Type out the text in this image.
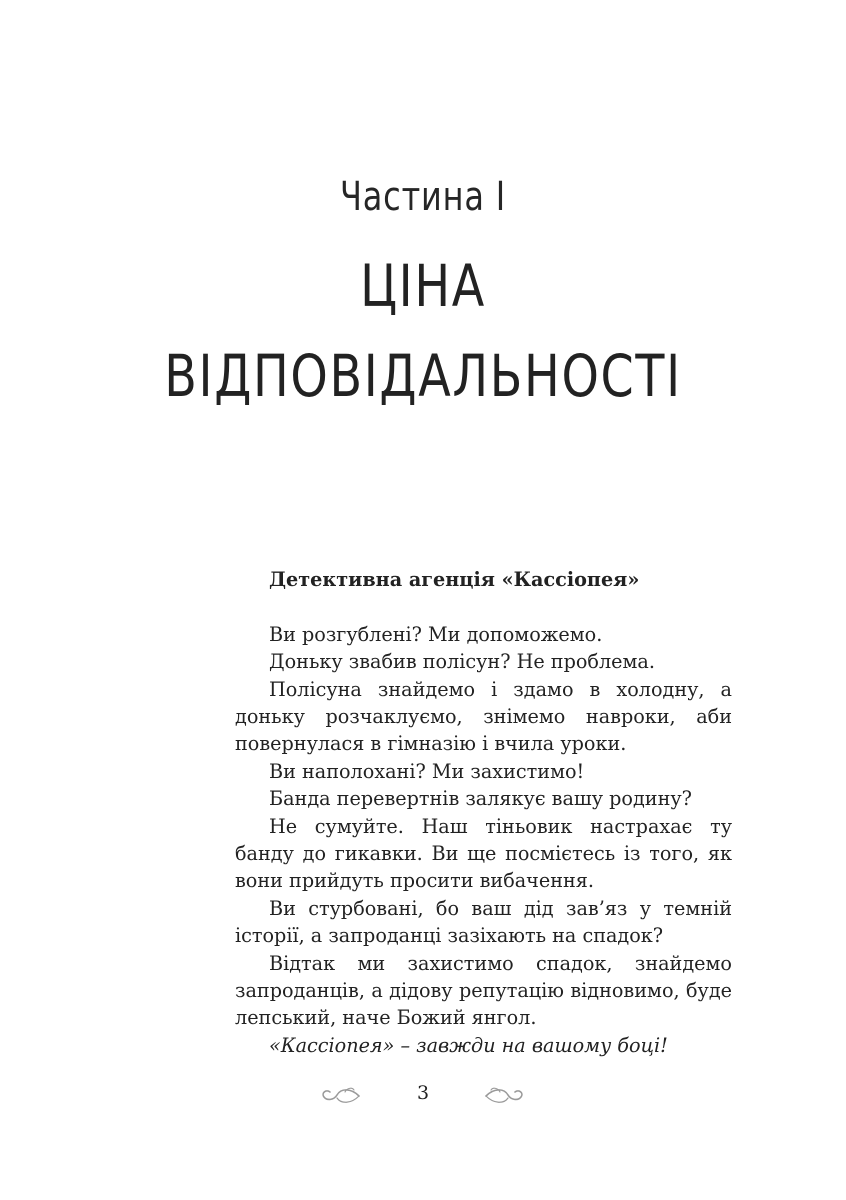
Частина I
ЦІНА
ВІДПОВІДАЛЬНОСТІ

Детективна агенція «Кассіопея»

Ви розгублені? Ми допоможемо.

Доньку звабив полісун? Не проблема.

Полісуна знайдемо і здамо в холодну, а доньку розчаклуємо, знімемо навроки, аби повернулася в гімназію і вчила уроки.

Ви наполохані? Ми захистимо!

Банда перевертнів залякує вашу родину?

Не сумуйте. Наш тіньовик настрахає ту банду до гикавки. Ви ще посмієтесь із того, як вони прийдуть просити вибачення.

Ви стурбовані, бо ваш дід зав’яз у темній історії, а запроданці зазіхають на спадок?

Відтак ми захистимо спадок, знайдемо запроданців, а дідову репутацію відновимо, буде лепський, наче Божий янгол.

«Кассіопея» – завжди на вашому боці!

3
